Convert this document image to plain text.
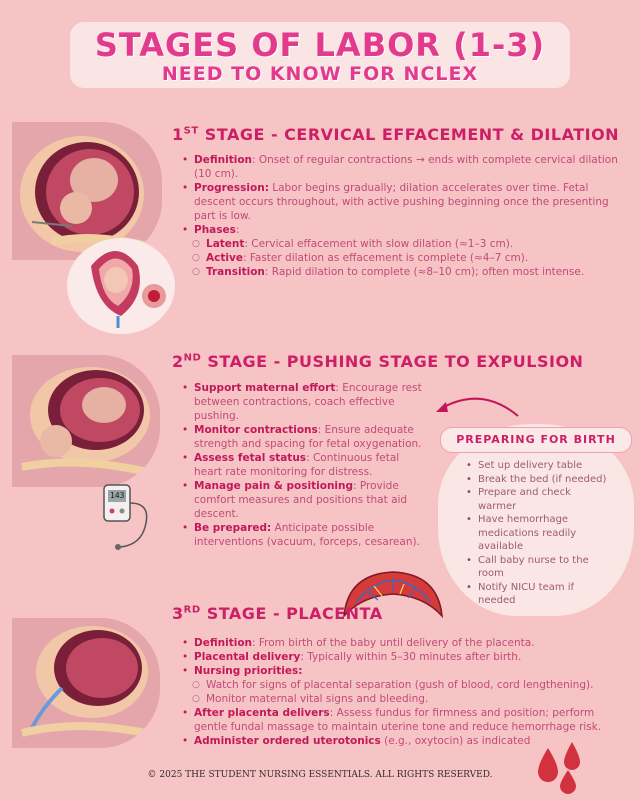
STAGES OF LABOR (1-3)
NEED TO KNOW FOR NCLEX
1ST STAGE - CERVICAL EFFACEMENT & DILATION
• Definition: Onset of regular contractions → ends with complete cervical dilation (10 cm).
• Progression: Labor begins gradually; dilation accelerates over time. Fetal descent occurs throughout, with active pushing beginning once the presenting part is low.
• Phases:
○ Latent: Cervical effacement with slow dilation (≈1–3 cm).
○ Active: Faster dilation as effacement is complete (≈4–7 cm).
○ Transition: Rapid dilation to complete (≈8–10 cm); often most intense.
143
2ND STAGE - PUSHING STAGE TO EXPULSION
• Support maternal effort: Encourage rest between contractions, coach effective pushing.
• Monitor contractions: Ensure adequate strength and spacing for fetal oxygenation.
• Assess fetal status: Continuous fetal heart rate monitoring for distress.
• Manage pain & positioning: Provide comfort measures and positions that aid descent.
• Be prepared: Anticipate possible interventions (vacuum, forceps, cesarean).
PREPARING FOR BIRTH
• Set up delivery table
• Break the bed (if needed)
• Prepare and check warmer
• Have hemorrhage medications readily available
• Call baby nurse to the room
• Notify NICU team if needed
3RD STAGE - PLACENTA
• Definition: From birth of the baby until delivery of the placenta.
• Placental delivery: Typically within 5–30 minutes after birth.
• Nursing priorities:
○ Watch for signs of placental separation (gush of blood, cord lengthening).
○ Monitor maternal vital signs and bleeding.
• After placenta delivers: Assess fundus for firmness and position; perform gentle fundal massage to maintain uterine tone and reduce hemorrhage risk.
• Administer ordered uterotonics (e.g., oxytocin) as indicated
© 2025 THE STUDENT NURSING ESSENTIALS. ALL RIGHTS RESERVED.
